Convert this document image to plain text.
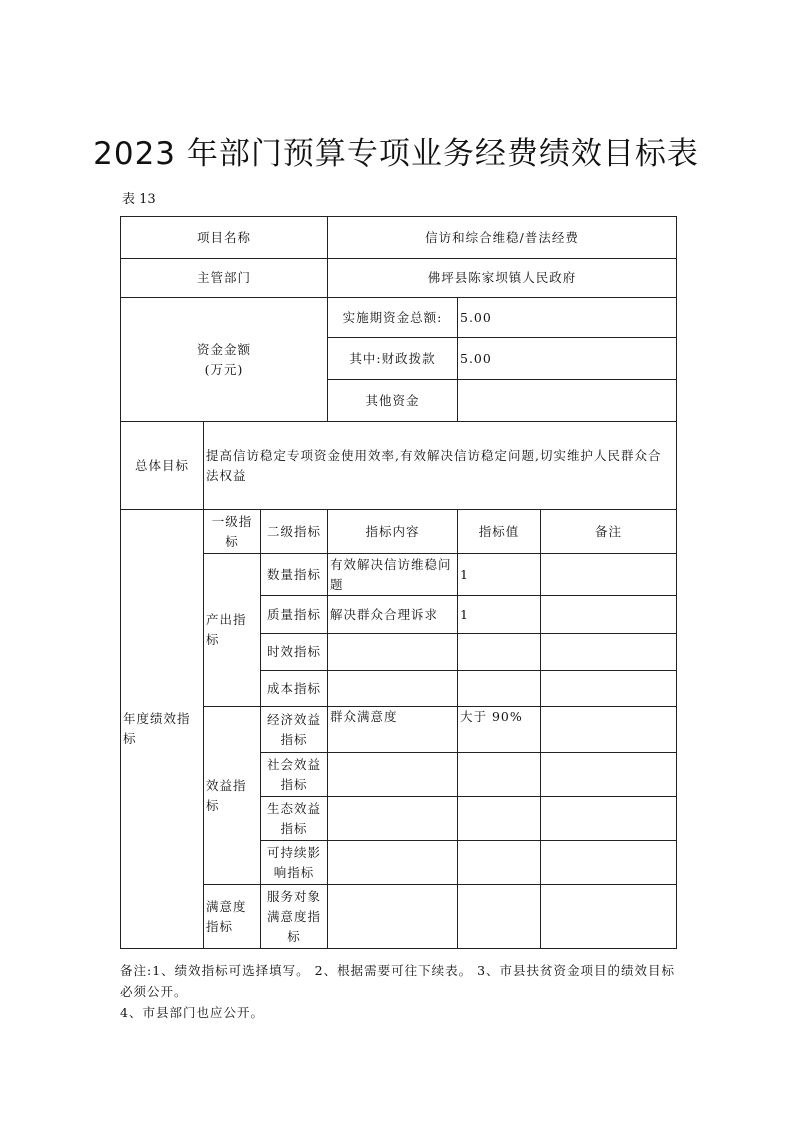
2023 年部门预算专项业务经费绩效目标表
表 13
项目名称			信访和综合维稳/普法经费		
主管部门			佛坪县陈家坝镇人民政府		

资金金额
(万元)			实施期资金总额:	5.00	
			其中:财政拨款	5.00	
			其他资金		
总体目标	提高信访稳定专项资金使用效率,有效解决信访稳定问题,切实维护人民群众合法权益				
年度绩效指标	一级指标	二级指标	指标内容	指标值	备注
	产出指标	数量指标	有效解决信访维稳问题	1	
		质量指标	解决群众合理诉求	1	
		时效指标			
		成本指标			
	效益指标	经济效益指标	群众满意度	大于 90%	
		社会效益指标			
		生态效益指标			
		可持续影响指标			
	满意度指标	服务对象满意度指标			
备注:1、绩效指标可选择填写。 2、根据需要可往下续表。 3、市县扶贫资金项目的绩效目标必须公开。
4、市县部门也应公开。
